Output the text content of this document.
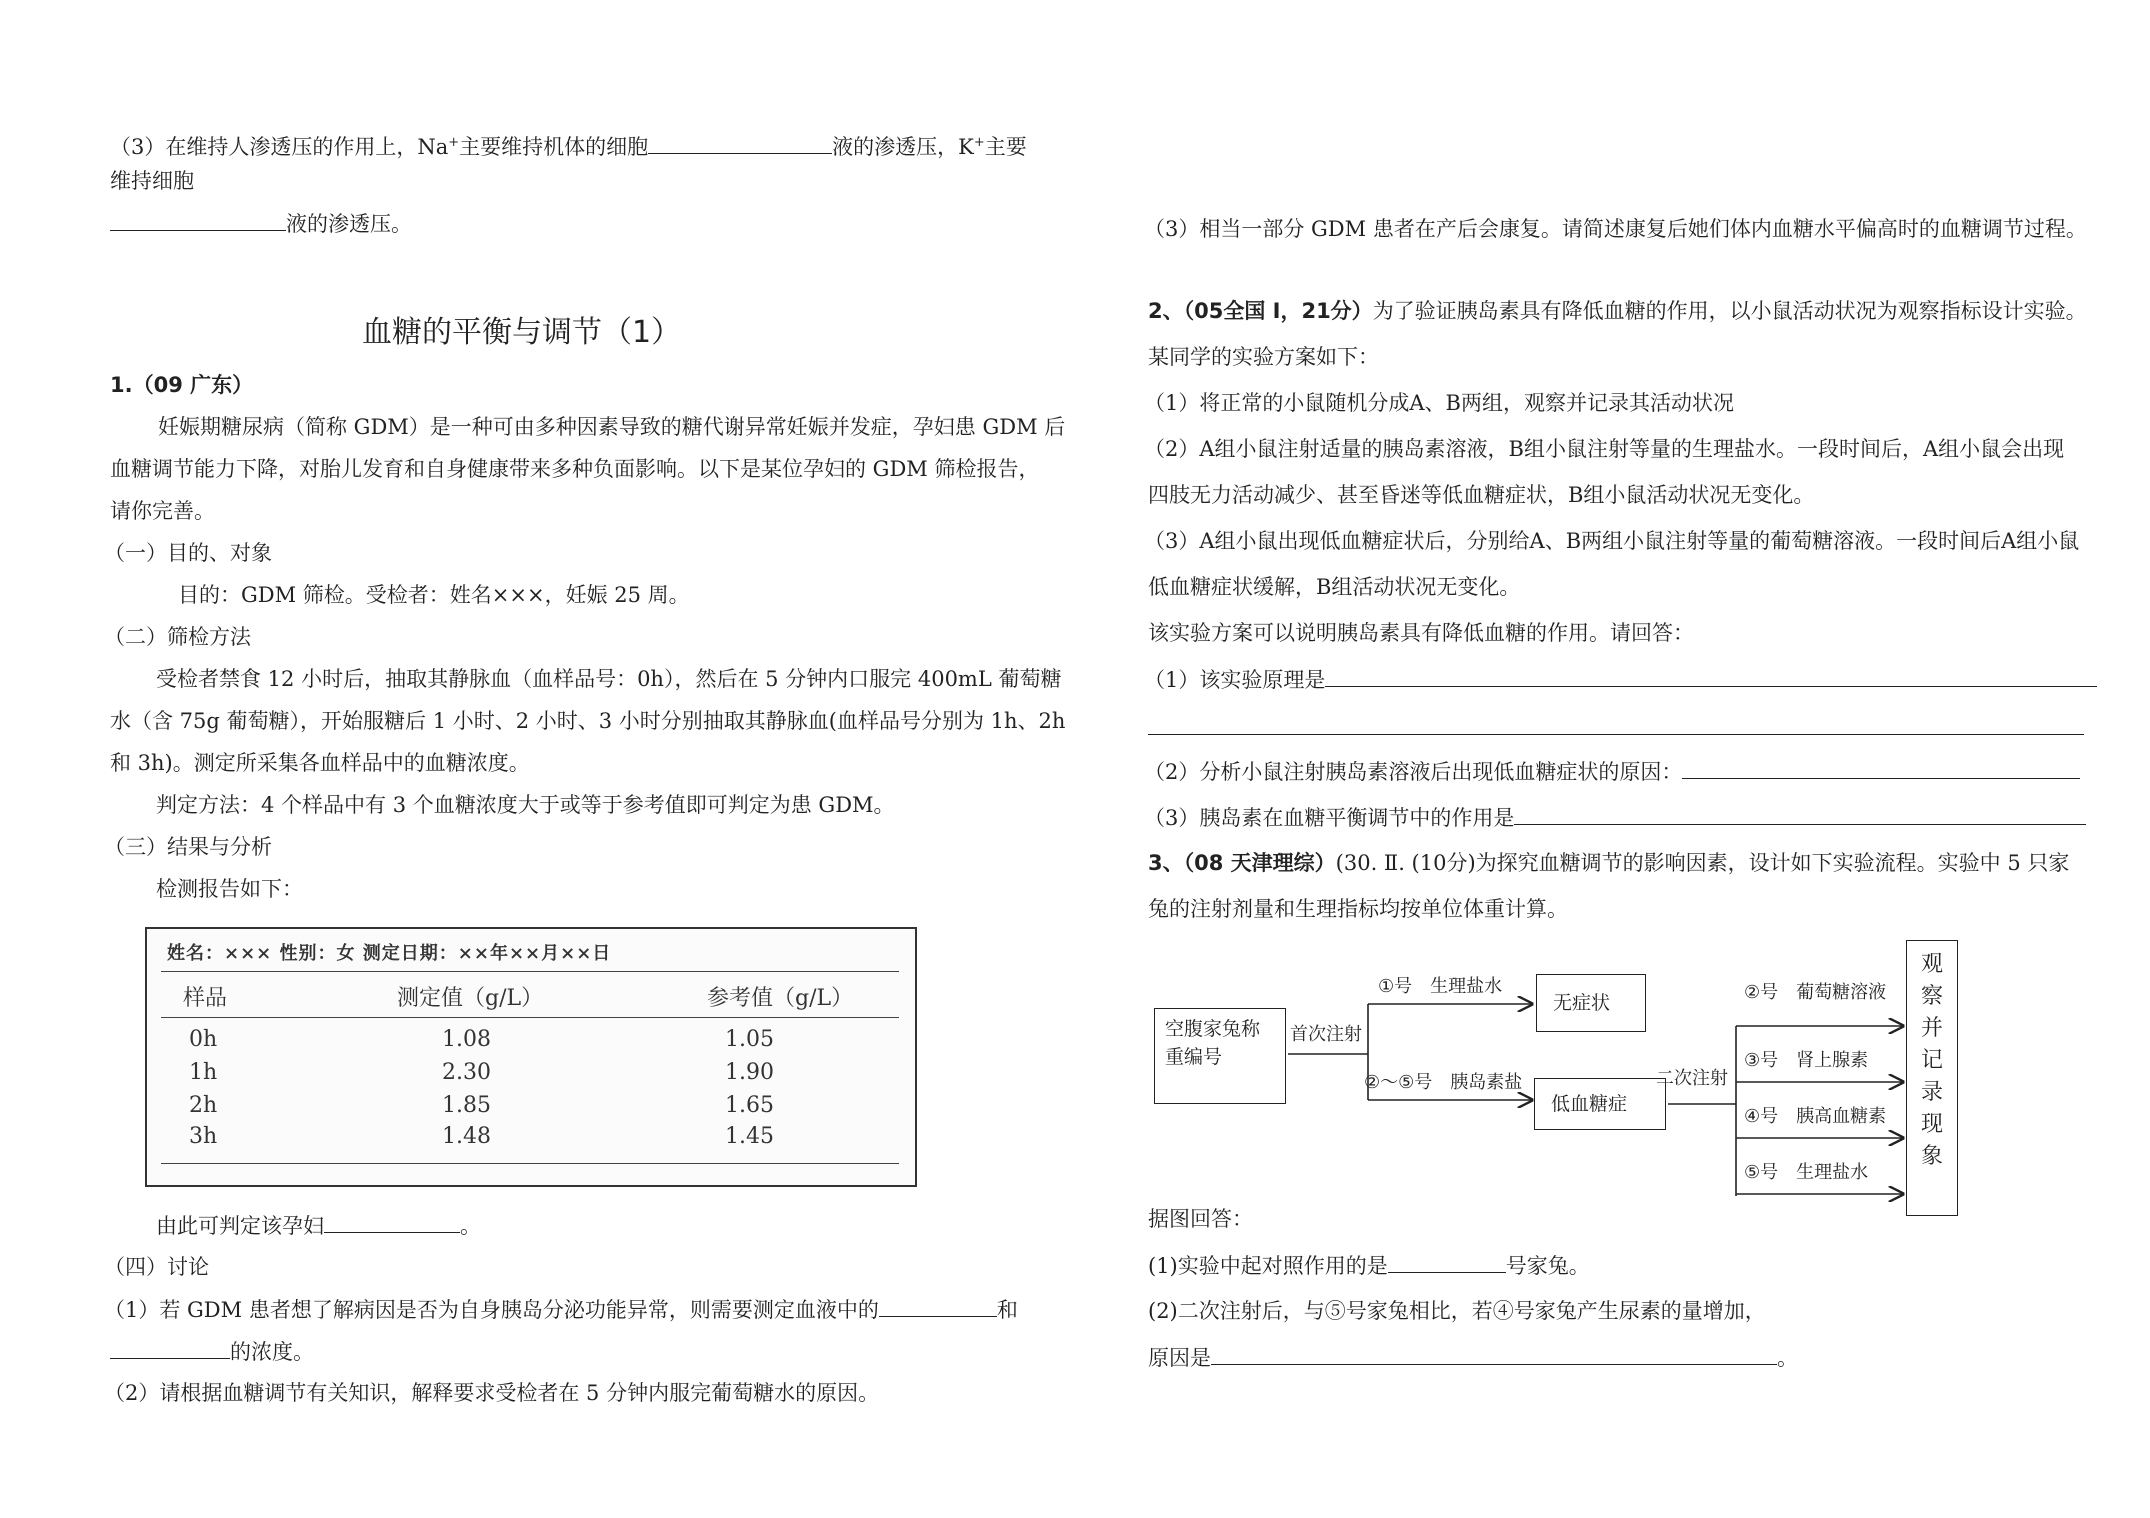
（3）在维持人渗透压的作用上，Na+主要维持机体的细胞	液的渗透压，K+主要
维持细胞
液的渗透压。
血糖的平衡与调节（1）
1.（09 广东）
妊娠期糖尿病（简称 GDM）是一种可由多种因素导致的糖代谢异常妊娠并发症，孕妇患 GDM 后
血糖调节能力下降，对胎儿发育和自身健康带来多种负面影响。以下是某位孕妇的 GDM 筛检报告，
请你完善。
（一）目的、对象
目的：GDM 筛检。受检者：姓名×××，妊娠 25 周。
（二）筛检方法
受检者禁食 12 小时后，抽取其静脉血（血样品号：0h），然后在 5 分钟内口服完 400mL 葡萄糖
水（含 75g 葡萄糖），开始服糖后 1 小时、2 小时、3 小时分别抽取其静脉血(血样品号分别为 1h、2h
和 3h)。测定所采集各血样品中的血糖浓度。
判定方法：4 个样品中有 3 个血糖浓度大于或等于参考值即可判定为患 GDM。
（三）结果与分析
检测报告如下：
由此可判定该孕妇	。
（四）讨论
（1）若 GDM 患者想了解病因是否为自身胰岛分泌功能异常，则需要测定血液中的	和
的浓度。
（2）请根据血糖调节有关知识，解释要求受检者在 5 分钟内服完葡萄糖水的原因。
姓名：××× 性别：女 测定日期：××年××月××日
样品	测定值（g/L）	参考值（g/L）
0h	1.08	1.05
1h	2.30	1.90
2h	1.85	1.65
3h	1.48	1.45
（3）相当一部分 GDM 患者在产后会康复。请简述康复后她们体内血糖水平偏高时的血糖调节过程。
2、（05全国 Ⅰ，21分）为了验证胰岛素具有降低血糖的作用，以小鼠活动状况为观察指标设计实验。
某同学的实验方案如下：
（1）将正常的小鼠随机分成A、B两组，观察并记录其活动状况
（2）A组小鼠注射适量的胰岛素溶液，B组小鼠注射等量的生理盐水。一段时间后，A组小鼠会出现
四肢无力活动减少、甚至昏迷等低血糖症状，B组小鼠活动状况无变化。
（3）A组小鼠出现低血糖症状后，分别给A、B两组小鼠注射等量的葡萄糖溶液。一段时间后A组小鼠
低血糖症状缓解，B组活动状况无变化。
该实验方案可以说明胰岛素具有降低血糖的作用。请回答：
（1）该实验原理是
（2）分析小鼠注射胰岛素溶液后出现低血糖症状的原因：
（3）胰岛素在血糖平衡调节中的作用是
3、（08 天津理综）(30. Ⅱ. (10分)为探究血糖调节的影响因素，设计如下实验流程。实验中 5 只家
兔的注射剂量和生理指标均按单位体重计算。
据图回答：
(1)实验中起对照作用的是	号家兔。
(2)二次注射后，与⑤号家兔相比，若④号家兔产生尿素的量增加，
原因是	。
空腹家兔称重编号
首次注射
①号　生理盐水
无症状
②～⑤号　胰岛素盐
低血糖症
二次注射
②号　葡萄糖溶液
③号　肾上腺素
④号　胰高血糖素
⑤号　生理盐水
观察并记录现象
